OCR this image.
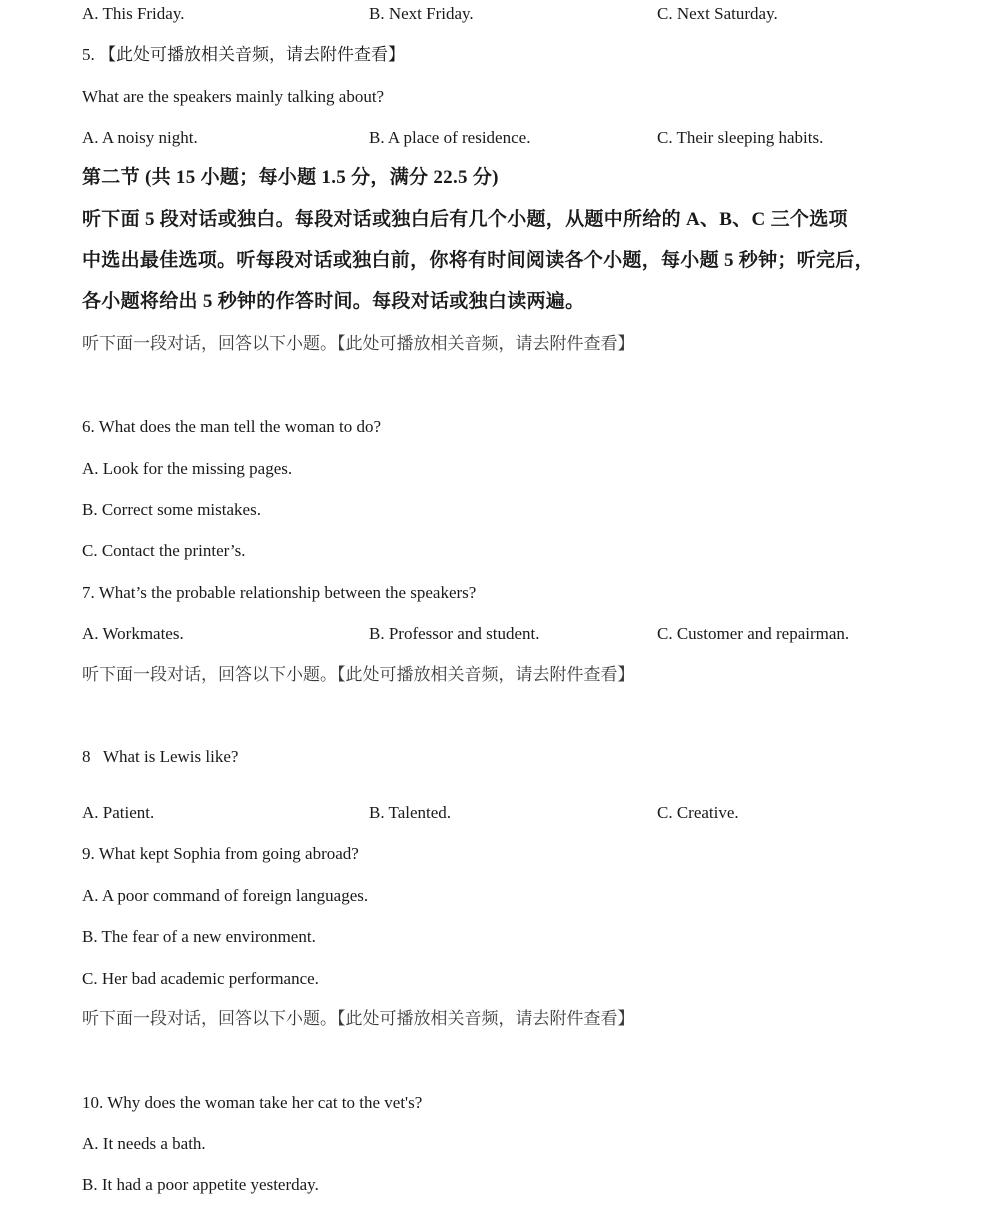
A. This Friday.	B. Next Friday.	C. Next Saturday.
5. 【此处可播放相关音频，请去附件查看】
What are the speakers mainly talking about?
A. A noisy night.	B. A place of residence.	C. Their sleeping habits.
第二节 (共 15 小题；每小题 1.5 分，满分 22.5 分)
听下面 5 段对话或独白。每段对话或独白后有几个小题，从题中所给的 A、B、C 三个选项
中选出最佳选项。听每段对话或独白前，你将有时间阅读各个小题，每小题 5 秒钟；听完后，
各小题将给出 5 秒钟的作答时间。每段对话或独白读两遍。
听下面一段对话，回答以下小题。【此处可播放相关音频，请去附件查看】
6. What does the man tell the woman to do?
A. Look for the missing pages.
B. Correct some mistakes.
C. Contact the printer’s.
7. What’s the probable relationship between the speakers?
A. Workmates.	B. Professor and student.	C. Customer and repairman.
听下面一段对话，回答以下小题。【此处可播放相关音频，请去附件查看】
8   What is Lewis like?
A. Patient.	B. Talented.	C. Creative.
9. What kept Sophia from going abroad?
A. A poor command of foreign languages.
B. The fear of a new environment.
C. Her bad academic performance.
听下面一段对话，回答以下小题。【此处可播放相关音频，请去附件查看】
10. Why does the woman take her cat to the vet's?
A. It needs a bath.
B. It had a poor appetite yesterday.
